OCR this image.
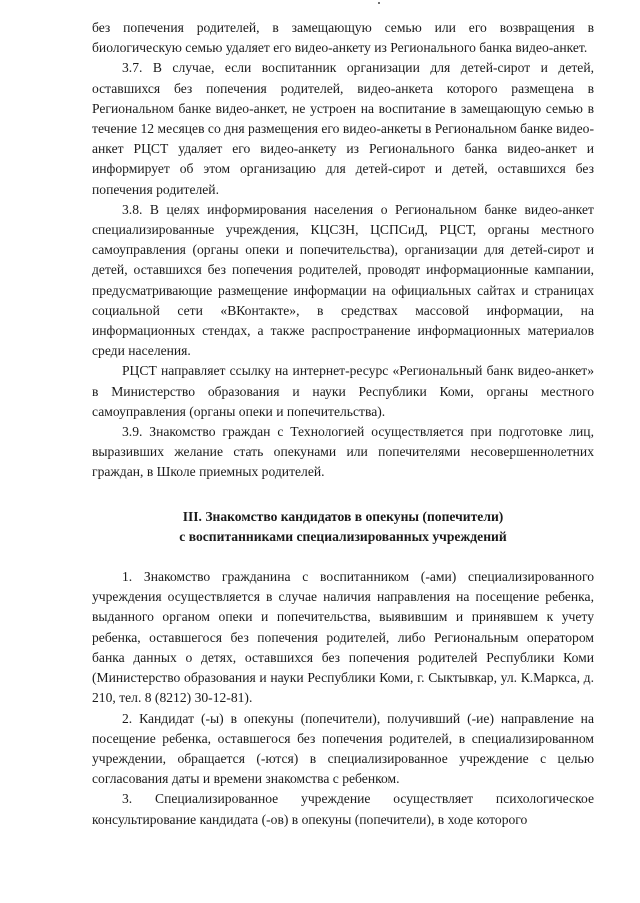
без попечения родителей, в замещающую семью или его возвращения в биологическую семью удаляет его видео-анкету из Регионального банка видео-анкет.

3.7. В случае, если воспитанник организации для детей-сирот и детей, оставшихся без попечения родителей, видео-анкета которого размещена в Региональном банке видео-анкет, не устроен на воспитание в замещающую семью в течение 12 месяцев со дня размещения его видео-анкеты в Региональном банке видео-анкет РЦСТ удаляет его видео-анкету из Регионального банка видео-анкет и информирует об этом организацию для детей-сирот и детей, оставшихся без попечения родителей.

3.8. В целях информирования населения о Региональном банке видео-анкет специализированные учреждения, КЦСЗН, ЦСПСиД, РЦСТ, органы местного самоуправления (органы опеки и попечительства), организации для детей-сирот и детей, оставшихся без попечения родителей, проводят информационные кампании, предусматривающие размещение информации на официальных сайтах и страницах социальной сети «ВКонтакте», в средствах массовой информации, на информационных стендах, а также распространение информационных материалов среди населения.

РЦСТ направляет ссылку на интернет-ресурс «Региональный банк видео-анкет» в Министерство образования и науки Республики Коми, органы местного самоуправления (органы опеки и попечительства).

3.9. Знакомство граждан с Технологией осуществляется при подготовке лиц, выразивших желание стать опекунами или попечителями несовершеннолетних граждан, в Школе приемных родителей.

III. Знакомство кандидатов в опекуны (попечители)
с воспитанниками специализированных учреждений

1. Знакомство гражданина с воспитанником (-ами) специализированного учреждения осуществляется в случае наличия направления на посещение ребенка, выданного органом опеки и попечительства, выявившим и принявшем к учету ребенка, оставшегося без попечения родителей, либо Региональным оператором банка данных о детях, оставшихся без попечения родителей Республики Коми (Министерство образования и науки Республики Коми, г. Сыктывкар, ул. К.Маркса, д. 210, тел. 8 (8212) 30-12-81).

2. Кандидат (-ы) в опекуны (попечители), получивший (-ие) направление на посещение ребенка, оставшегося без попечения родителей, в специализированном учреждении, обращается (-ются) в специализированное учреждение с целью согласования даты и времени знакомства с ребенком.

3. Специализированное учреждение осуществляет психологическое консультирование кандидата (-ов) в опекуны (попечители), в ходе которого
